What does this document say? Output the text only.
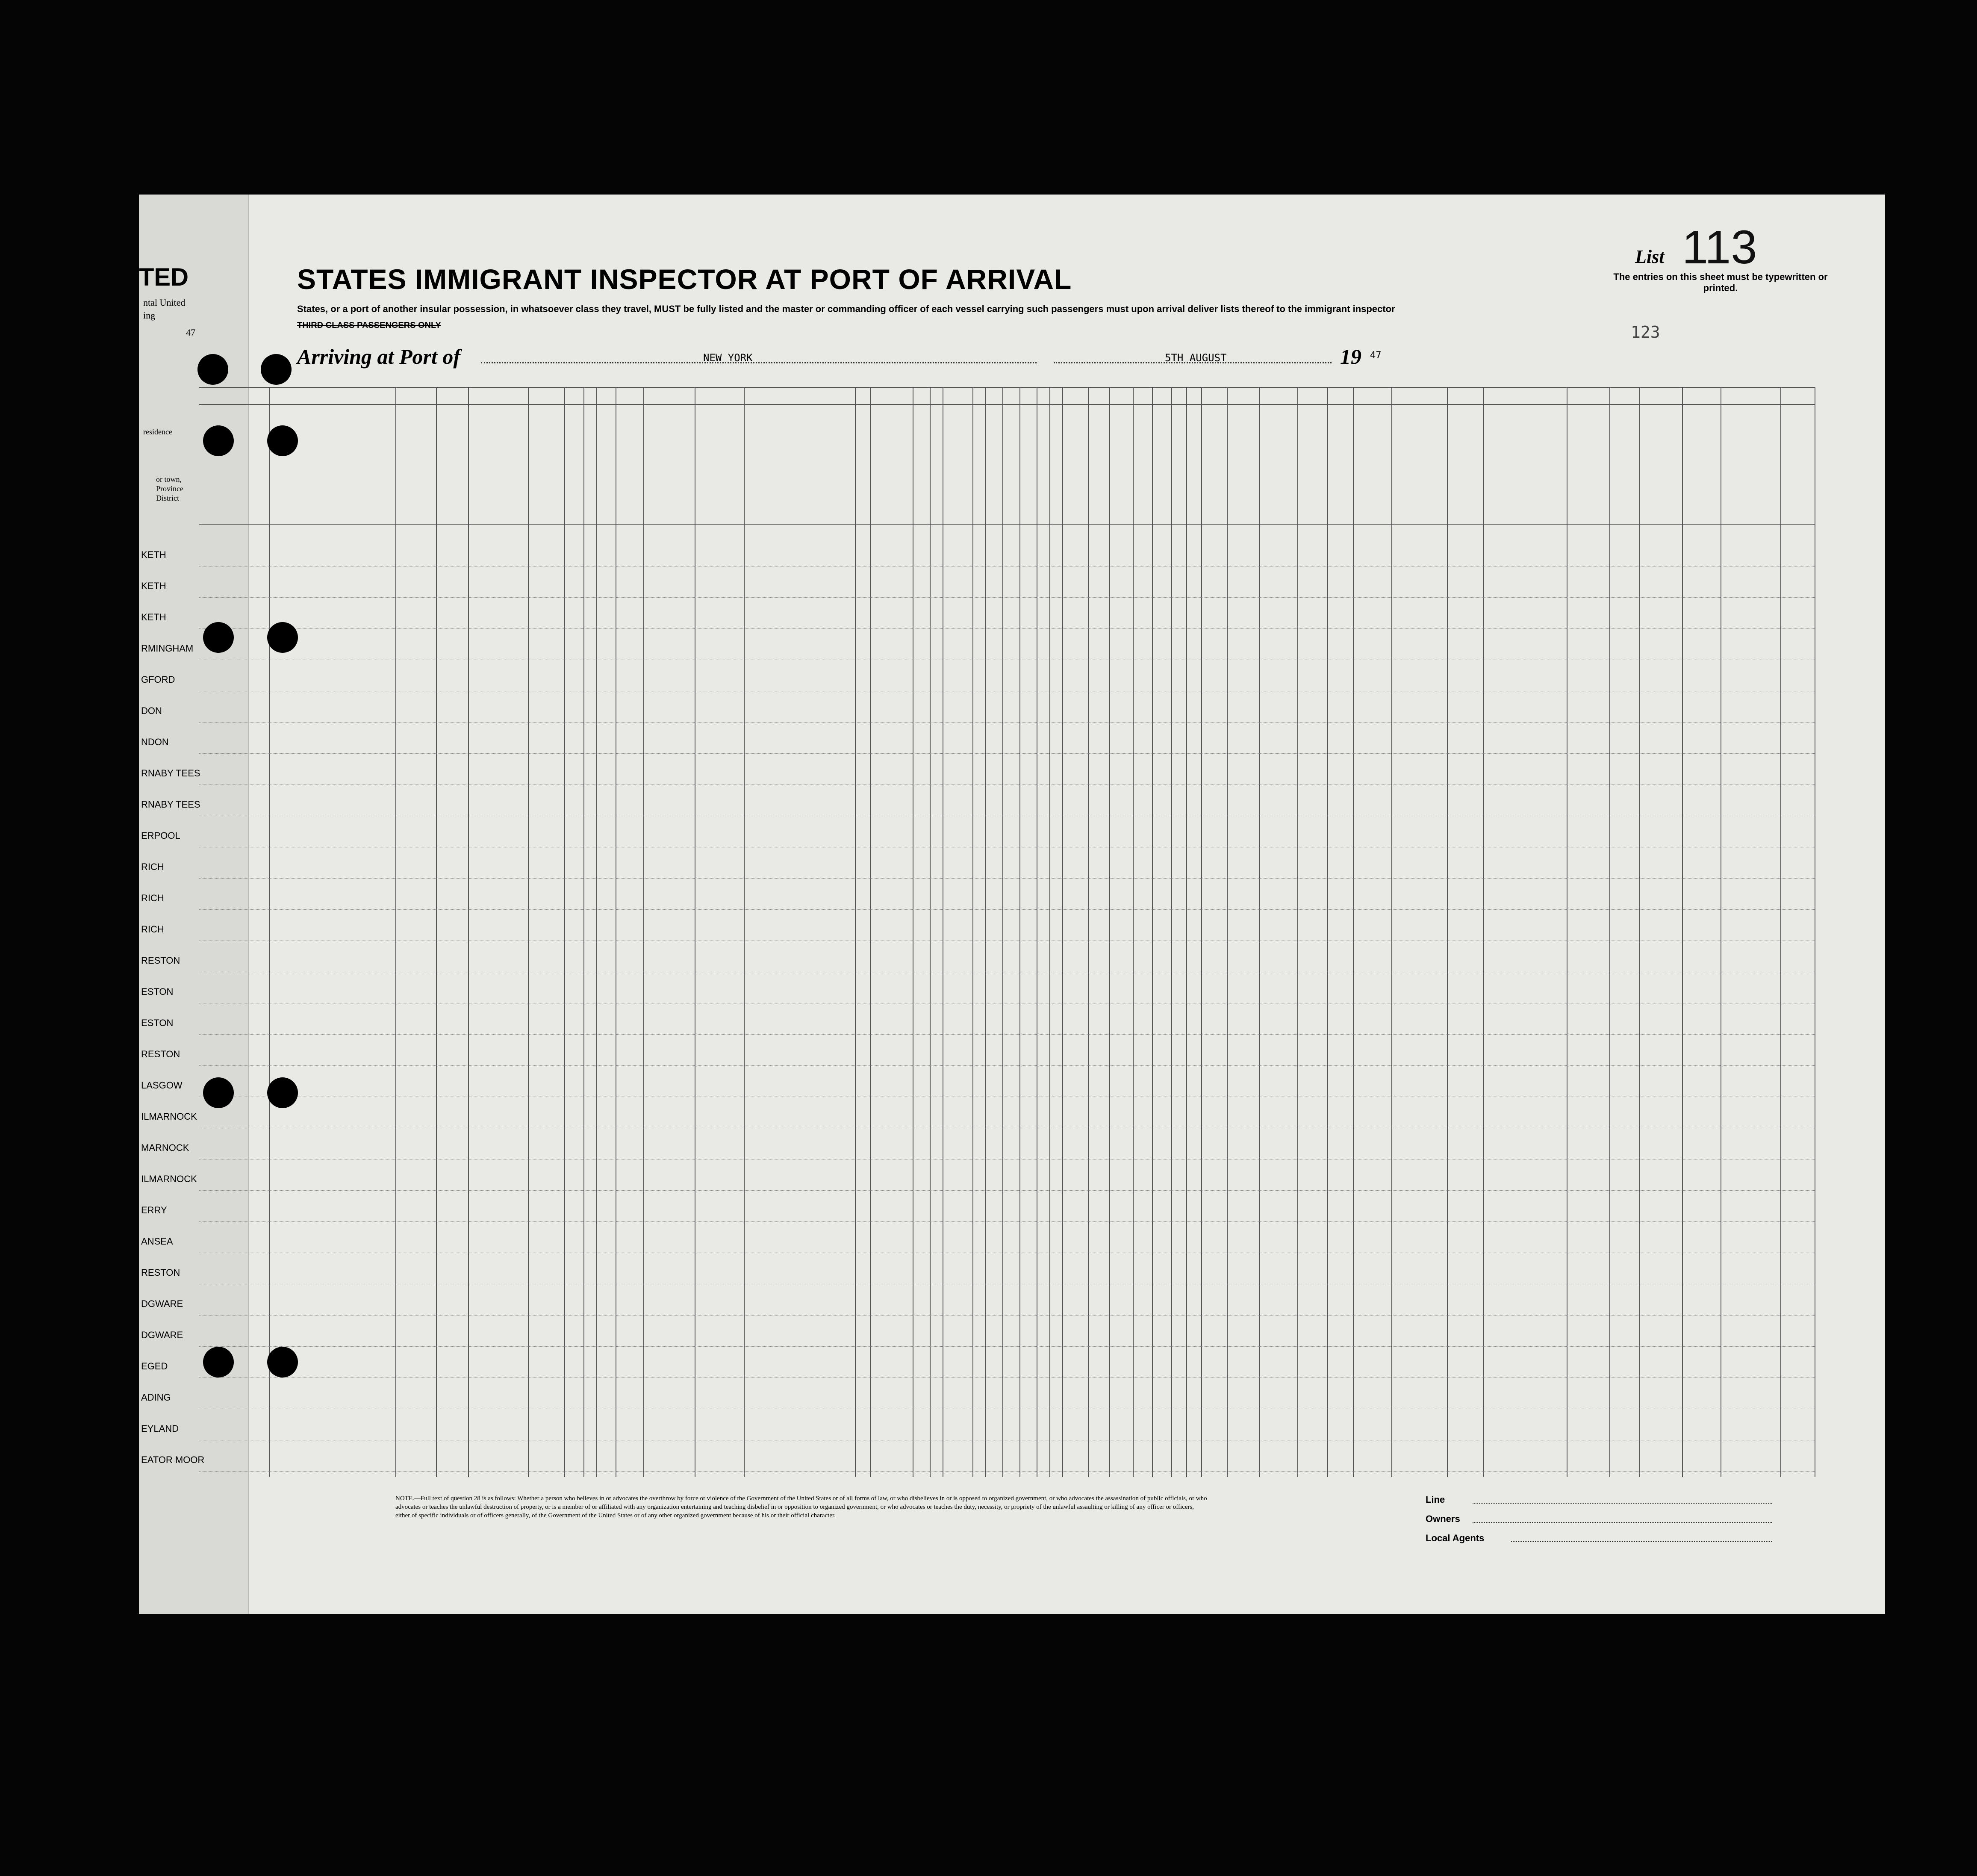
TED
ntal United
ing
47
residence
or town,
Province
District
KETH
KETH
KETH
RMINGHAM
GFORD
DON
NDON
RNABY TEES
RNABY TEES
ERPOOL
RICH
RICH
RICH
RESTON
ESTON
ESTON
RESTON
LASGOW
ILMARNOCK
MARNOCK
ILMARNOCK
ERRY
ANSEA
RESTON
DGWARE
DGWARE
EGED
ADING
EYLAND
EATOR MOOR
STATES IMMIGRANT INSPECTOR AT PORT OF ARRIVAL
States, or a port of another insular possession, in whatsoever class they travel, MUST be fully listed and the master or commanding officer of each vessel carrying such passengers must upon arrival deliver lists thereof to the immigrant inspector
THIRD CLASS PASSENGERS ONLY
Arriving at Port of	NEW YORK	5TH AUGUST	19 47
List 113
The entries on this sheet must be typewritten or printed.
123
NOTE.—Full text of question 28 is as follows: Whether a person who believes in or advocates the overthrow by force or violence of the Government of the United States or of all forms of law, or who disbelieves in or is opposed to organized government, or who advocates the assassination of public officials, or who advocates or teaches the unlawful destruction of property, or is a member of or affiliated with any organization entertaining and teaching disbelief in or opposition to organized government, or who advocates or teaches the duty, necessity, or propriety of the unlawful assaulting or killing of any officer or officers, either of specific individuals or of officers generally, of the Government of the United States or of any other organized government because of his or their official character.
Line
Owners
Local Agents
